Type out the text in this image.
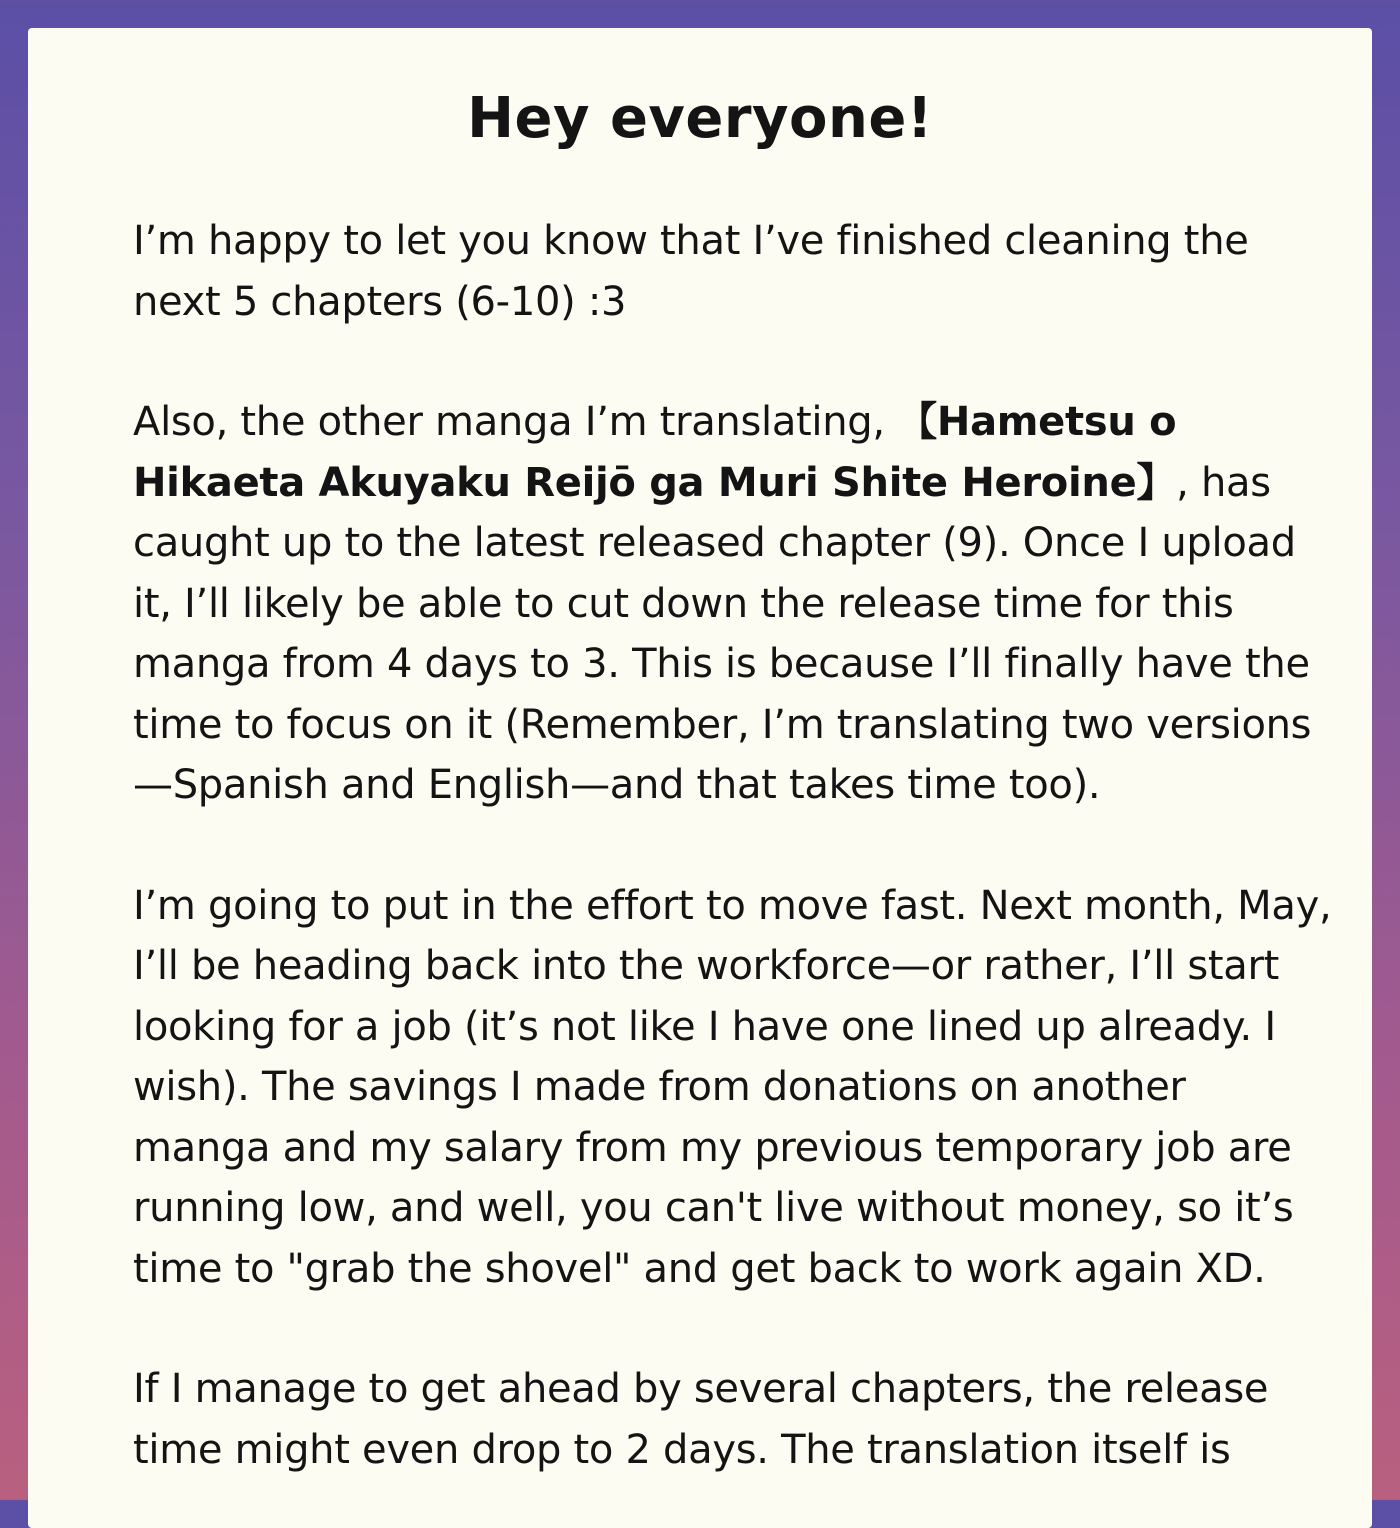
Hey everyone!
I’m happy to let you know that I’ve finished cleaning the next 5 chapters (6-10) :3
Also, the other manga I’m translating, 【Hametsu o Hikaeta Akuyaku Reijō ga Muri Shite Heroine】, has caught up to the latest released chapter (9). Once I upload it, I’ll likely be able to cut down the release time for this manga from 4 days to 3. This is because I’ll finally have the time to focus on it (Remember, I’m translating two versions—Spanish and English—and that takes time too).
I’m going to put in the effort to move fast. Next month, May, I’ll be heading back into the workforce—or rather, I’ll start looking for a job (it’s not like I have one lined up already. I wish). The savings I made from donations on another manga and my salary from my previous temporary job are running low, and well, you can't live without money, so it’s time to "grab the shovel" and get back to work again XD.
If I manage to get ahead by several chapters, the release time might even drop to 2 days. The translation itself is
